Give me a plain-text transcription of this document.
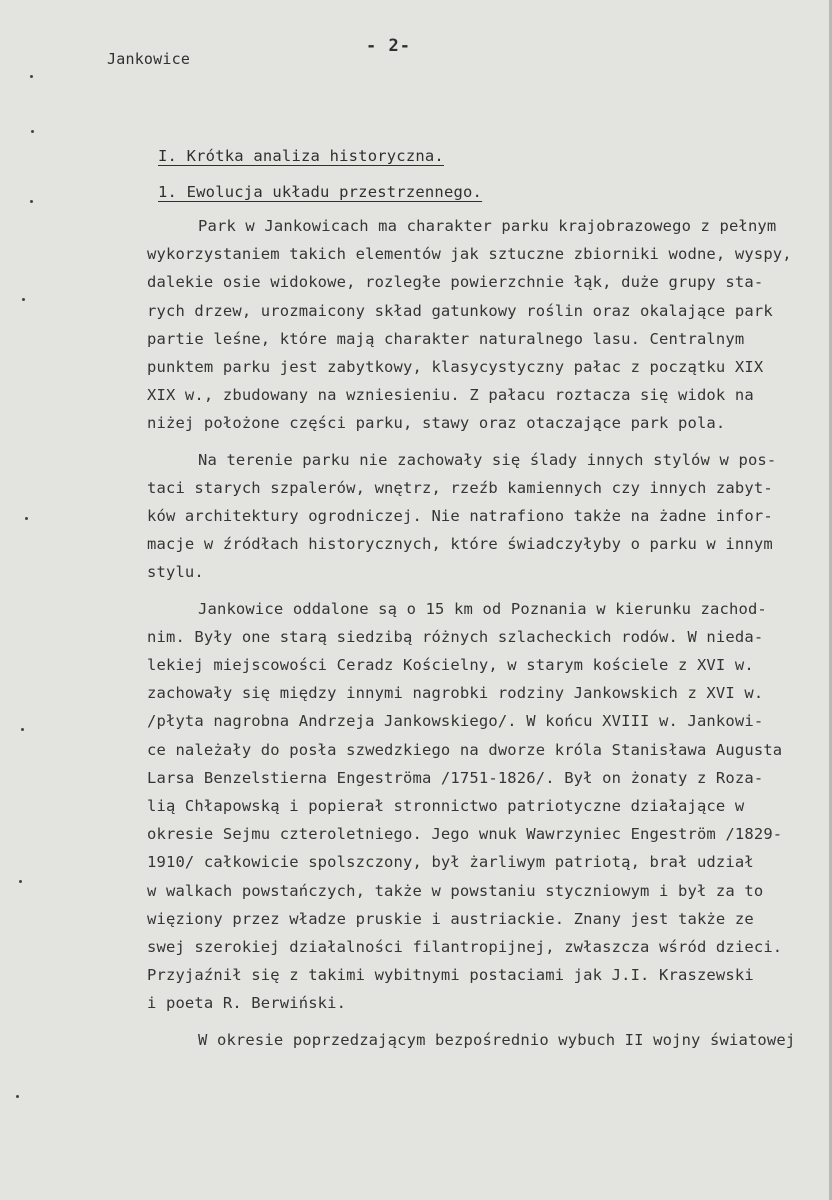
Jankowice
- 2-
I. Krótka analiza historyczna.
1. Ewolucja układu przestrzennego.
Park w Jankowicach ma charakter parku krajobrazowego z pełnym
wykorzystaniem takich elementów jak sztuczne zbiorniki wodne, wyspy,
dalekie osie widokowe, rozległe powierzchnie łąk, duże grupy sta-
rych drzew, urozmaicony skład gatunkowy roślin oraz okalające park
partie leśne, które mają charakter naturalnego lasu. Centralnym
punktem parku jest zabytkowy, klasycystyczny pałac z początku XIX
XIX w., zbudowany na wzniesieniu. Z pałacu roztacza się widok na
niżej położone części parku, stawy oraz otaczające park pola.
Na terenie parku nie zachowały się ślady innych stylów w pos-
taci starych szpalerów, wnętrz, rzeźb kamiennych czy innych zabyt-
ków architektury ogrodniczej. Nie natrafiono także na żadne infor-
macje w źródłach historycznych, które świadczyłyby o parku w innym
stylu.
Jankowice oddalone są o 15 km od Poznania w kierunku zachod-
nim. Były one starą siedzibą różnych szlacheckich rodów. W nieda-
lekiej miejscowości Ceradz Kościelny, w starym kościele z XVI w.
zachowały się między innymi nagrobki rodziny Jankowskich z XVI w.
/płyta nagrobna Andrzeja Jankowskiego/. W końcu XVIII w. Jankowi-
ce należały do posła szwedzkiego na dworze króla Stanisława Augusta
Larsa Benzelstierna Engeströma /1751-1826/. Był on żonaty z Roza-
lią Chłapowską i popierał stronnictwo patriotyczne działające w
okresie Sejmu czteroletniego. Jego wnuk Wawrzyniec Engeström /1829-
1910/ całkowicie spolszczony, był żarliwym patriotą, brał udział
w walkach powstańczych, także w powstaniu styczniowym i był za to
więziony przez władze pruskie i austriackie. Znany jest także ze
swej szerokiej działalności filantropijnej, zwłaszcza wśród dzieci.
Przyjaźnił się z takimi wybitnymi postaciami jak J.I. Kraszewski
i poeta R. Berwiński.
W okresie poprzedzającym bezpośrednio wybuch II wojny światowej
